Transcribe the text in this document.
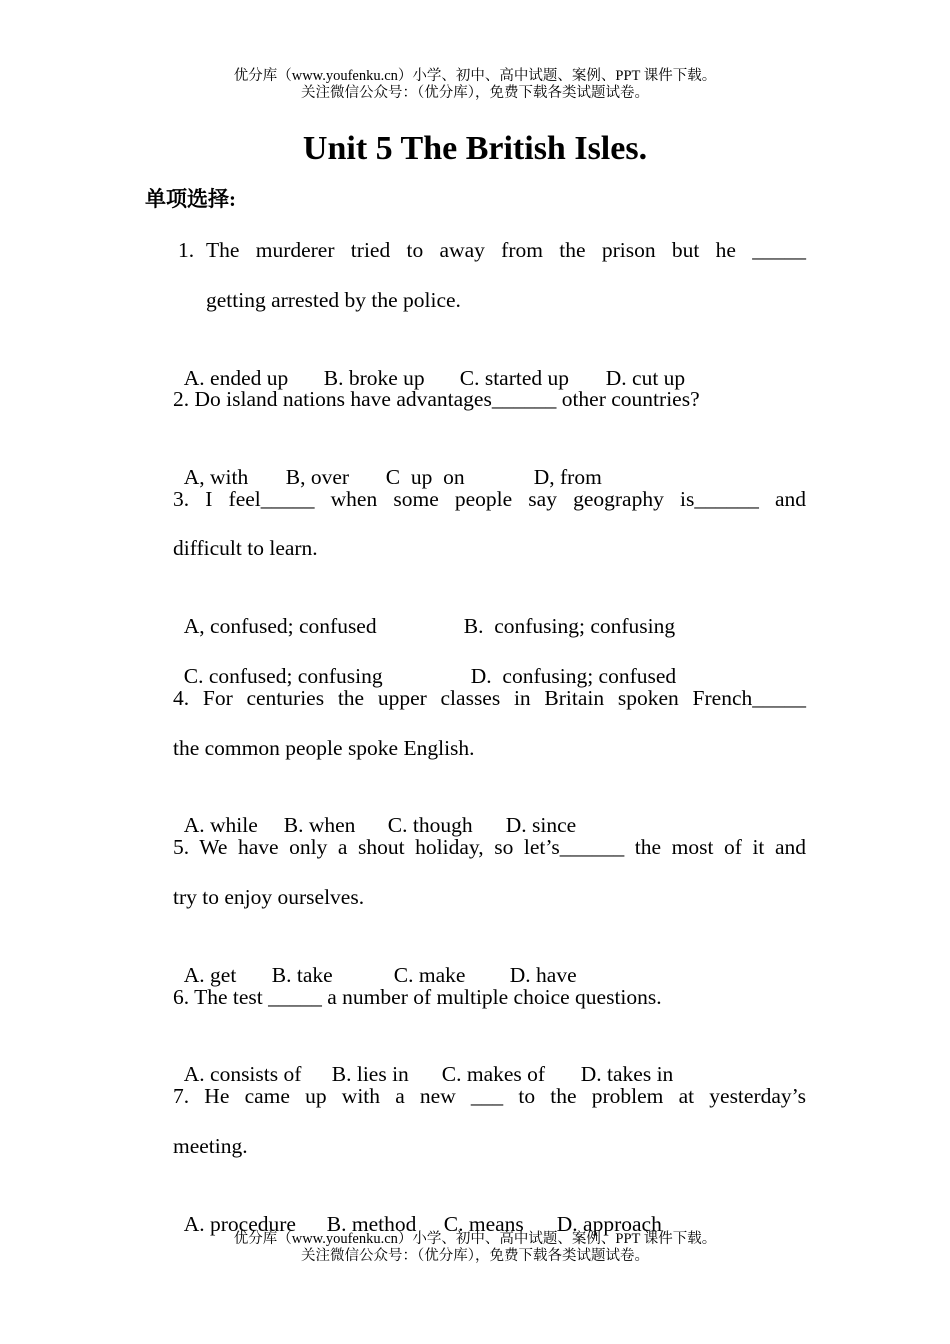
优分库（www.youfenku.cn）小学、初中、高中试题、案例、PPT 课件下载。
关注微信公众号：（优分库），免费下载各类试题试卷。
Unit 5 The British Isles.
单项选择:
1. The murderer tried to away from the prison but he _____
getting arrested by the police.

A. ended up B. broke up C. started up D. cut up

2. Do island nations have advantages______ other countries?

A, with B, over C  up  on	D, from

3. I feel_____ when some people say geography is______ and
difficult to learn.

A, confused; confused	B.  confusing; confusing

C. confused; confusing	D.  confusing; confused

4. For centuries the upper classes in Britain spoken French_____
the common people spoke English.

A. while B. when C. though D. since

5. We have only a shout holiday, so let’s______ the most of it and
try to enjoy ourselves.

A. get B. take	C. make D. have

6. The test _____ a number of multiple choice questions.

A. consists of B. lies in C. makes of D. takes in

7. He came up with a new ___ to the problem at yesterday’s
meeting.

A. procedure B. method C. means D. approach

优分库（www.youfenku.cn）小学、初中、高中试题、案例、PPT 课件下载。
关注微信公众号：（优分库），免费下载各类试题试卷。
